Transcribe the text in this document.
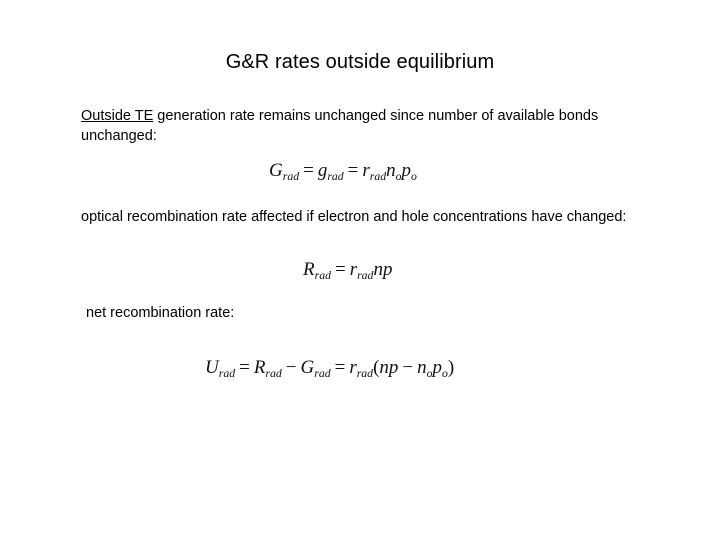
G&R rates outside equilibrium
Outside TE generation rate remains unchanged since number of available bonds unchanged:
$G_{rad} = g_{rad} = r_{rad}n_op_o$
optical recombination rate affected if electron and hole concentrations have changed:
$R_{rad} = r_{rad}np$
net recombination rate:
$U_{rad} = R_{rad} - G_{rad} = r_{rad}(np - n_op_o)$
